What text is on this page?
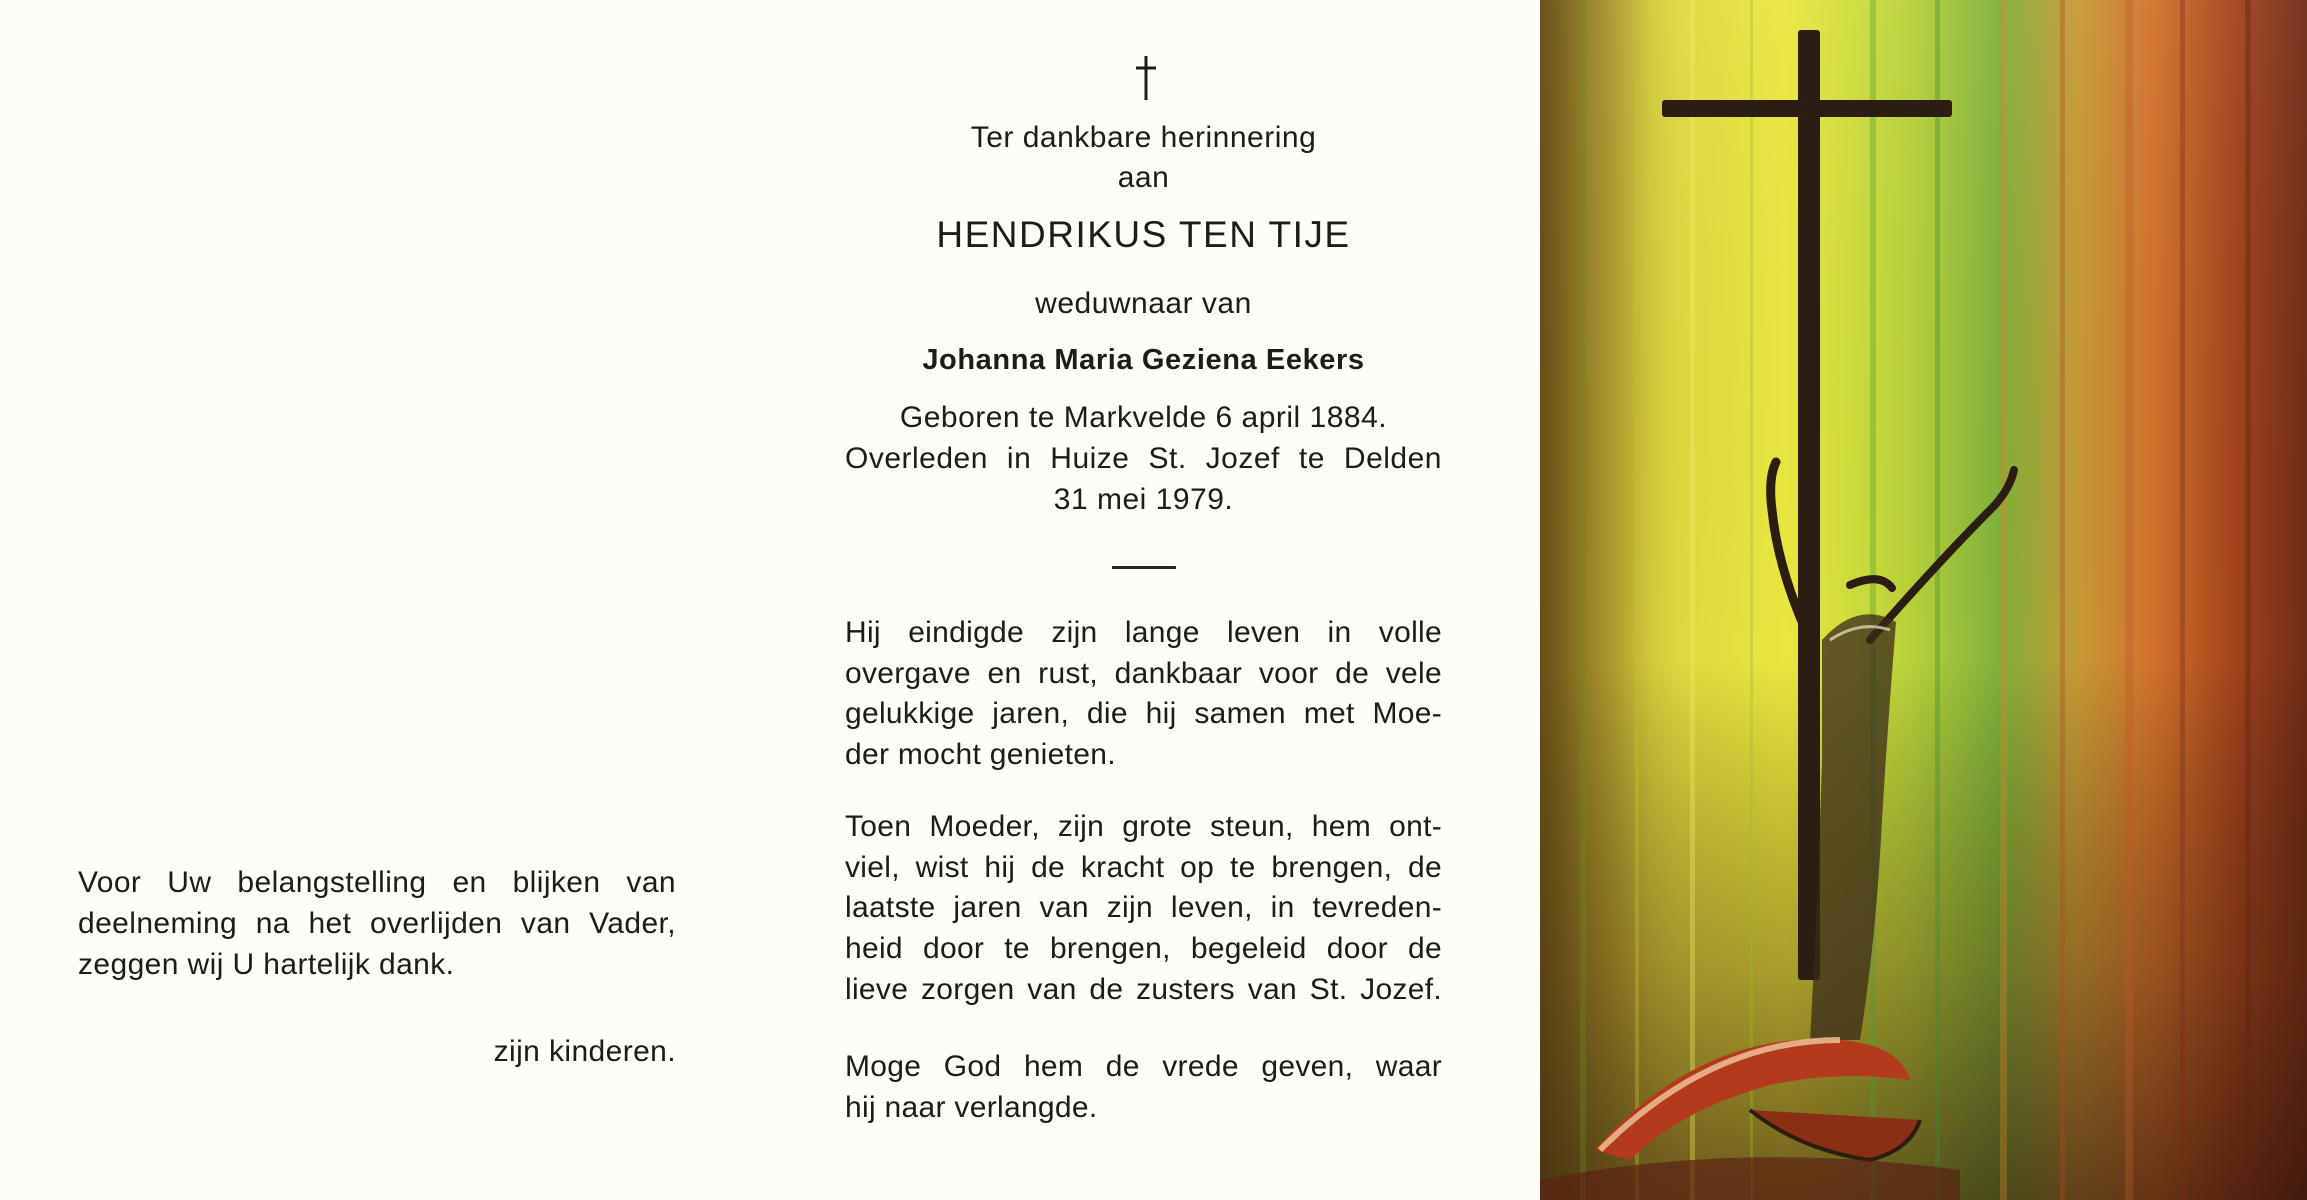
Voor Uw belangstelling en blijken van
deelneming na het overlijden van Vader,
zeggen wij U hartelijk dank.
zijn kinderen.
Ter dankbare herinnering
aan
HENDRIKUS TEN TIJE
weduwnaar van
Johanna Maria Geziena Eekers
Geboren te Markvelde 6 april 1884.
Overleden in Huize St. Jozef te Delden
31 mei 1979.
Hij eindigde zijn lange leven in volle
overgave en rust, dankbaar voor de vele
gelukkige jaren, die hij samen met Moe-
der mocht genieten.
Toen Moeder, zijn grote steun, hem ont-
viel, wist hij de kracht op te brengen, de
laatste jaren van zijn leven, in tevreden-
heid door te brengen, begeleid door de
lieve zorgen van de zusters van St. Jozef.
Moge God hem de vrede geven, waar
hij naar verlangde.
